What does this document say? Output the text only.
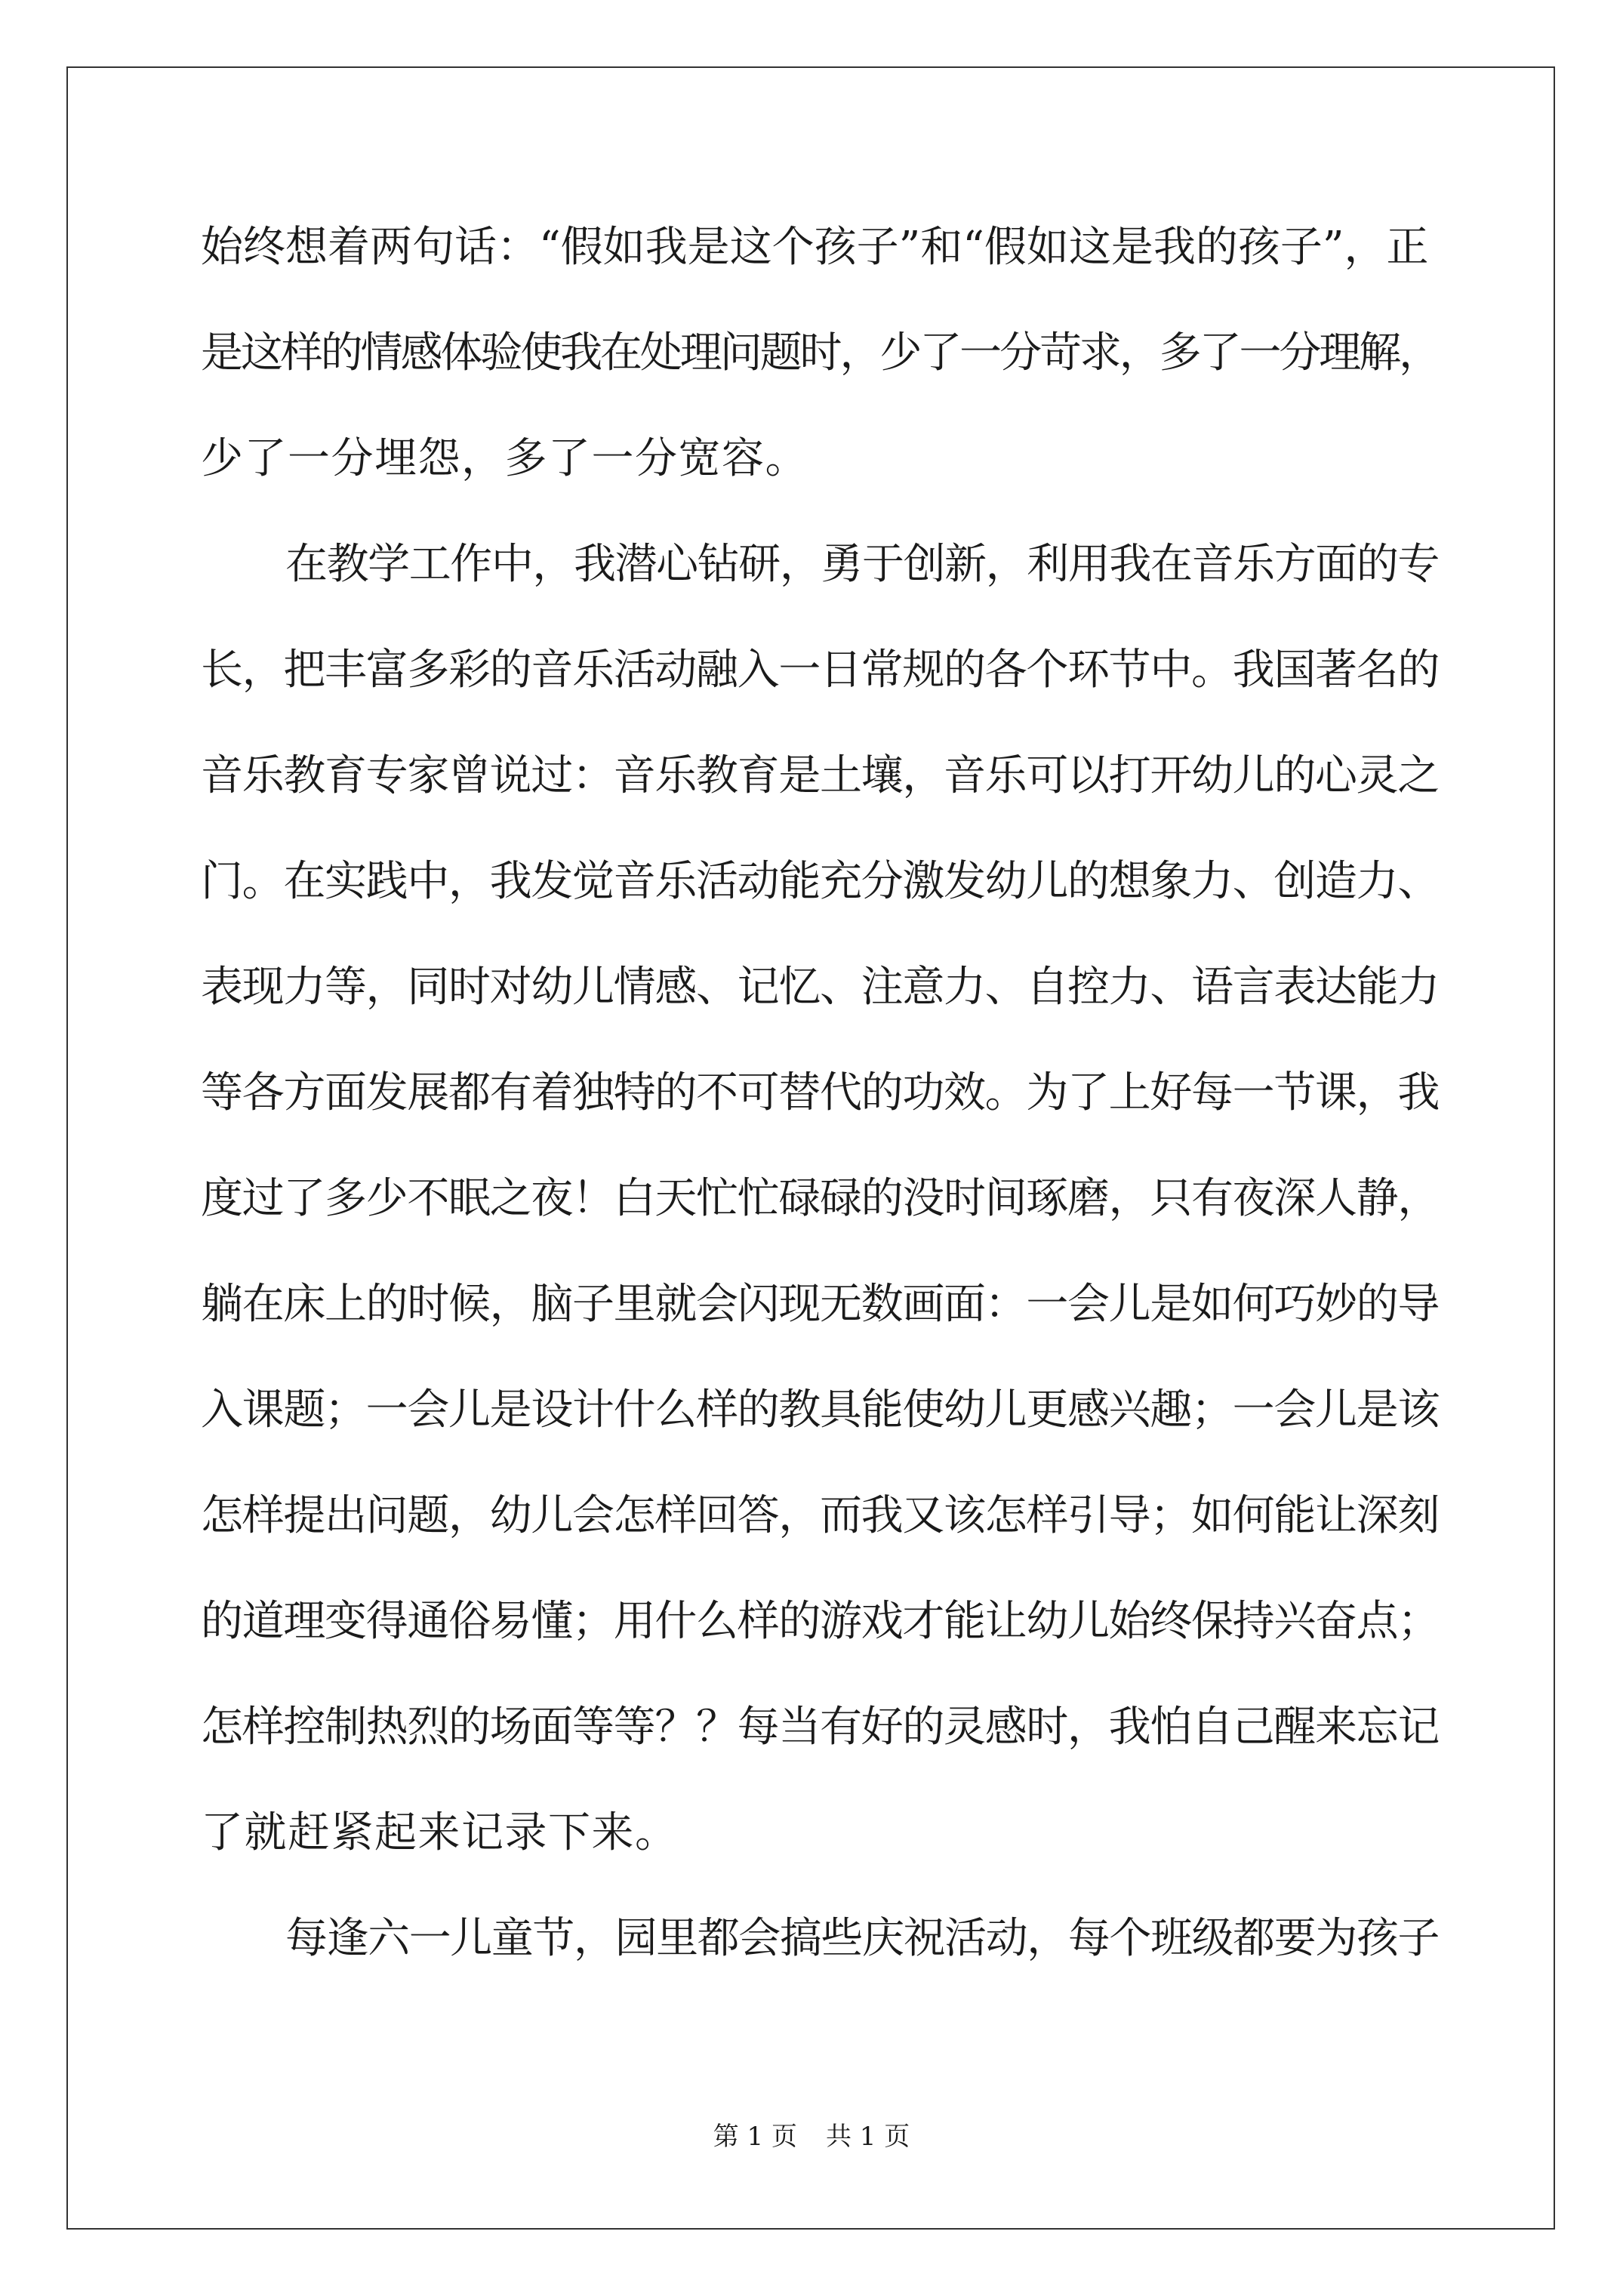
始终想着两句话：“假如我是这个孩子”和“假如这是我的孩子”，正
是这样的情感体验使我在处理问题时，少了一分苛求，多了一分理解，
少了一分埋怨，多了一分宽容。
在教学工作中，我潜心钻研，勇于创新，利用我在音乐方面的专
长，把丰富多彩的音乐活动融入一日常规的各个环节中。我国著名的
音乐教育专家曾说过：音乐教育是土壤，音乐可以打开幼儿的心灵之
门。在实践中，我发觉音乐活动能充分激发幼儿的想象力、创造力、
表现力等，同时对幼儿情感、记忆、注意力、自控力、语言表达能力
等各方面发展都有着独特的不可替代的功效。为了上好每一节课，我
度过了多少不眠之夜！白天忙忙碌碌的没时间琢磨，只有夜深人静，
躺在床上的时候，脑子里就会闪现无数画面：一会儿是如何巧妙的导
入课题；一会儿是设计什么样的教具能使幼儿更感兴趣；一会儿是该
怎样提出问题，幼儿会怎样回答，而我又该怎样引导；如何能让深刻
的道理变得通俗易懂；用什么样的游戏才能让幼儿始终保持兴奋点；
怎样控制热烈的场面等等？？每当有好的灵感时，我怕自己醒来忘记
了就赶紧起来记录下来。
每逢六一儿童节，园里都会搞些庆祝活动，每个班级都要为孩子
第 1 页 共 1 页
